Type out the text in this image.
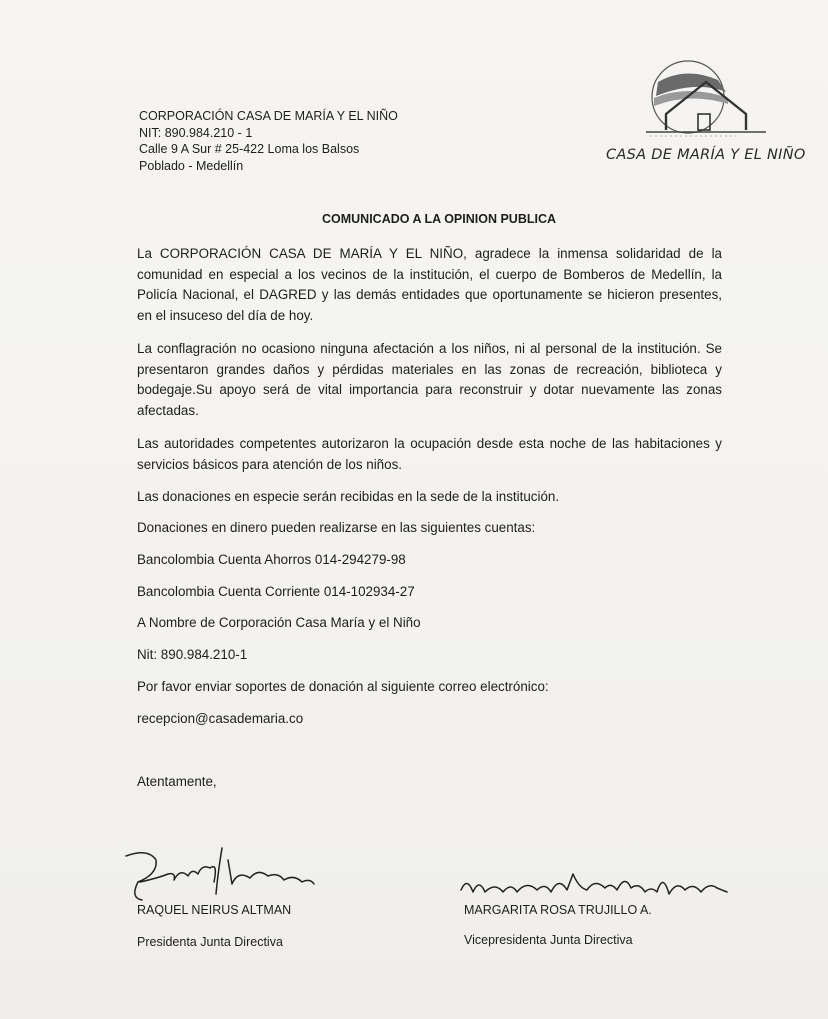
CORPORACIÓN CASA DE MARÍA Y EL NIÑO
NIT: 890.984.210 - 1
Calle 9 A Sur # 25-422 Loma los Balsos
Poblado - Medellín
CASA DE MARÍA Y EL NIÑO
COMUNICADO A LA OPINION PUBLICA
La CORPORACIÓN CASA DE MARÍA Y EL NIÑO, agradece la inmensa solidaridad de la comunidad en especial a los vecinos de la institución, el cuerpo de Bomberos de Medellín, la Policía Nacional, el DAGRED y las demás entidades que oportunamente se hicieron presentes, en el insuceso del día de hoy.
La conflagración no ocasiono ninguna afectación a los niños, ni al personal de la institución. Se presentaron grandes daños y pérdidas materiales en las zonas de recreación, biblioteca y bodegaje.Su apoyo será de vital importancia para reconstruir y dotar nuevamente las zonas afectadas.
Las autoridades competentes autorizaron la ocupación desde esta noche de las habitaciones y servicios básicos para atención de los niños.
Las donaciones en especie serán recibidas en la sede de la institución.
Donaciones en dinero pueden realizarse en las siguientes cuentas:
Bancolombia Cuenta Ahorros 014-294279-98
Bancolombia Cuenta Corriente 014-102934-27
A Nombre de Corporación Casa María y el Niño
Nit: 890.984.210-1
Por favor enviar soportes de donación al siguiente correo electrónico:
recepcion@casademaria.co
Atentamente,
RAQUEL NEIRUS ALTMAN
Presidenta Junta Directiva
MARGARITA ROSA TRUJILLO A.
Vicepresidenta Junta Directiva
